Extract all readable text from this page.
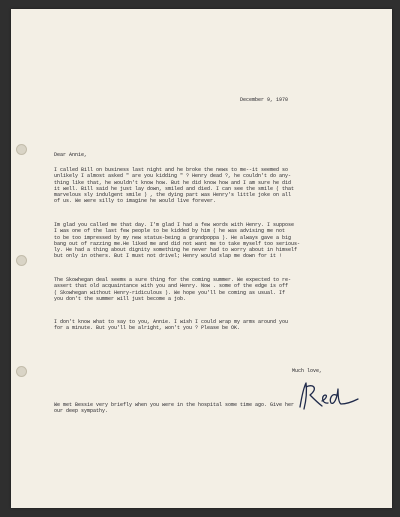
December 9, 1970
Dear Annie,
I called Bill on business last night and he broke the news to me--it seemed so
unlikely I almost asked " are you kidding " ? Henry dead ?, he couldn't do any-
thing like that, he wouldn't know how. But he did know how and I am sure he did
it well. Bill said he just lay down, smiled and died. I can see the smile ( that
marvelous sly indulgent smile ) , the dying part was Henry's little joke on all
of us. We were silly to imagine he would live forever.
Im glad you called me that day. I'm glad I had a few words with Henry. I suppose
I was one of the last few people to be kidded by him ( he was advising me not
to be too impressed by my new status-being a grandpoppa ). He always gave a big
bang out of razzing me.He liked me and did not want me to take myself too serious-
ly. He had a thing about dignity something he never had to worry about in himself
but only in others. But I must not drivel; Henry would slap me down for it !
The Skowhegan deal seems a sure thing for the coming summer. We expected to re-
assert that old acquaintance with you and Henry. Now . some of the edge is off
( Skowhegan without Henry-ridiculous ). We hope you'll be coming as usual. If
you don't the summer will just become a job.
I don't know what to say to you, Annie. I wish I could wrap my arms around you
for a minute. But you'll be alright, won't you ? Please be OK.
Much love,
We met Bessie very briefly when you were in the hospital some time ago. Give her
our deep sympathy.
